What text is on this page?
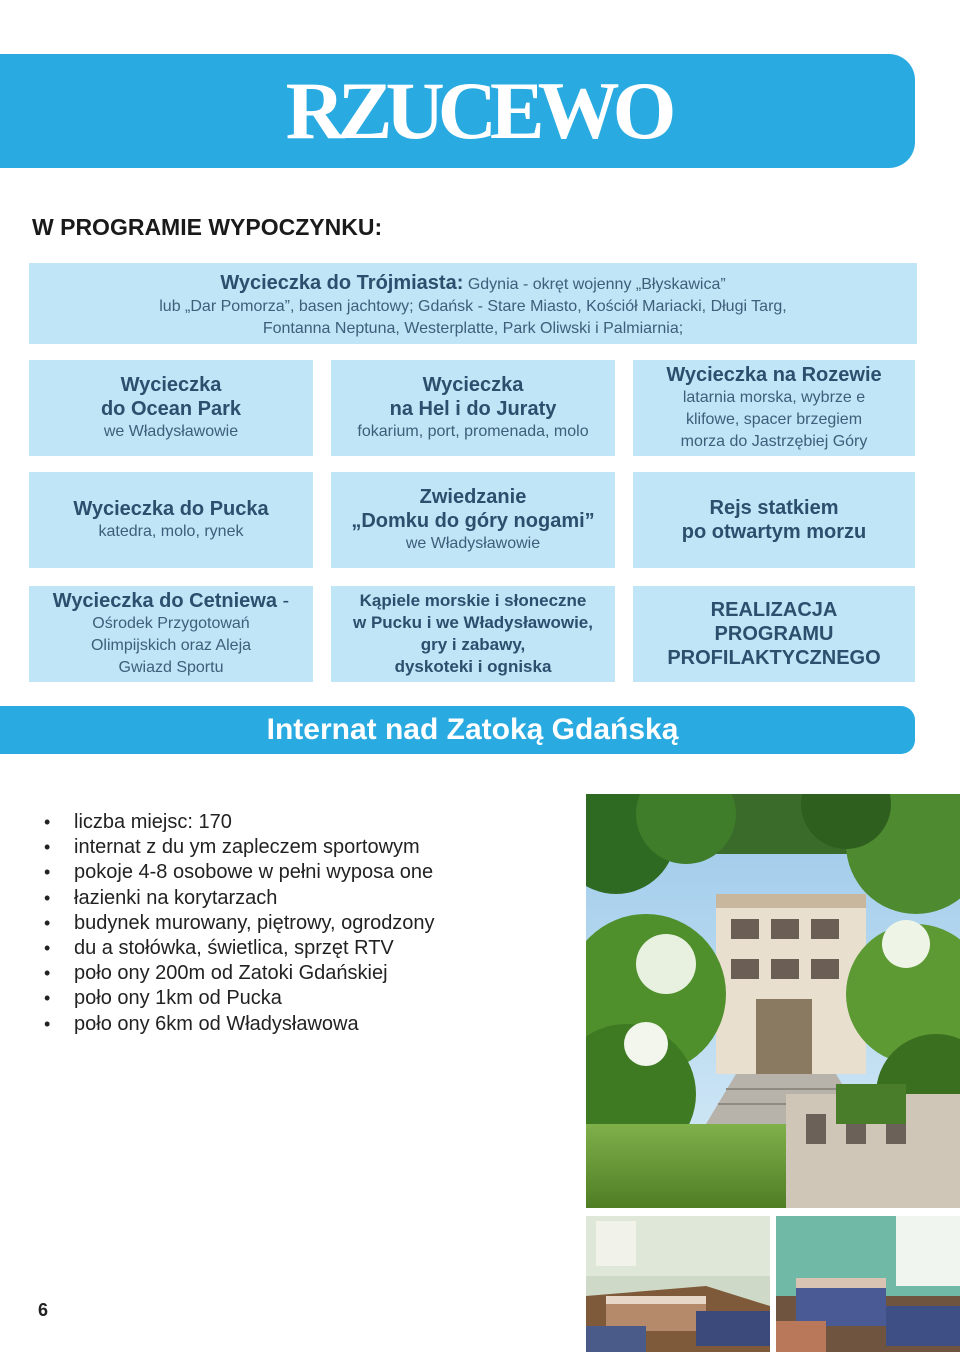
RZUCEWO
W PROGRAMIE WYPOCZYNKU:
Wycieczka do Trójmiasta: Gdynia - okręt wojenny „Błyskawica”
lub „Dar Pomorza”, basen jachtowy; Gdańsk - Stare Miasto, Kościół Mariacki, Długi Targ,
Fontanna Neptuna, Westerplatte, Park Oliwski i Palmiarnia;
Wycieczka
do Ocean Park
we Władysławowie
Wycieczka
na Hel i do Juraty
fokarium, port, promenada, molo
Wycieczka na Rozewie
latarnia morska, wybrze e
klifowe, spacer brzegiem
morza do Jastrzębiej Góry
Wycieczka do Pucka
katedra, molo, rynek
Zwiedzanie
„Domku do góry nogami”
we Władysławowie
Rejs statkiem
po otwartym morzu
Wycieczka do Cetniewa -
Ośrodek Przygotowań
Olimpijskich oraz Aleja
Gwiazd Sportu
Kąpiele morskie i słoneczne
w Pucku i we Władysławowie,
gry i zabawy,
dyskoteki i ogniska
REALIZACJA
PROGRAMU
PROFILAKTYCZNEGO
Internat nad Zatoką Gdańską
•	liczba miejsc: 170
•	internat z du ym zapleczem sportowym
•	pokoje 4-8 osobowe w pełni wyposa one
•	łazienki na korytarzach
•	budynek murowany, piętrowy, ogrodzony
•	du a stołówka, świetlica, sprzęt RTV
•	poło ony 200m od Zatoki Gdańskiej
•	poło ony 1km od Pucka
•	poło ony 6km od Władysławowa
6
